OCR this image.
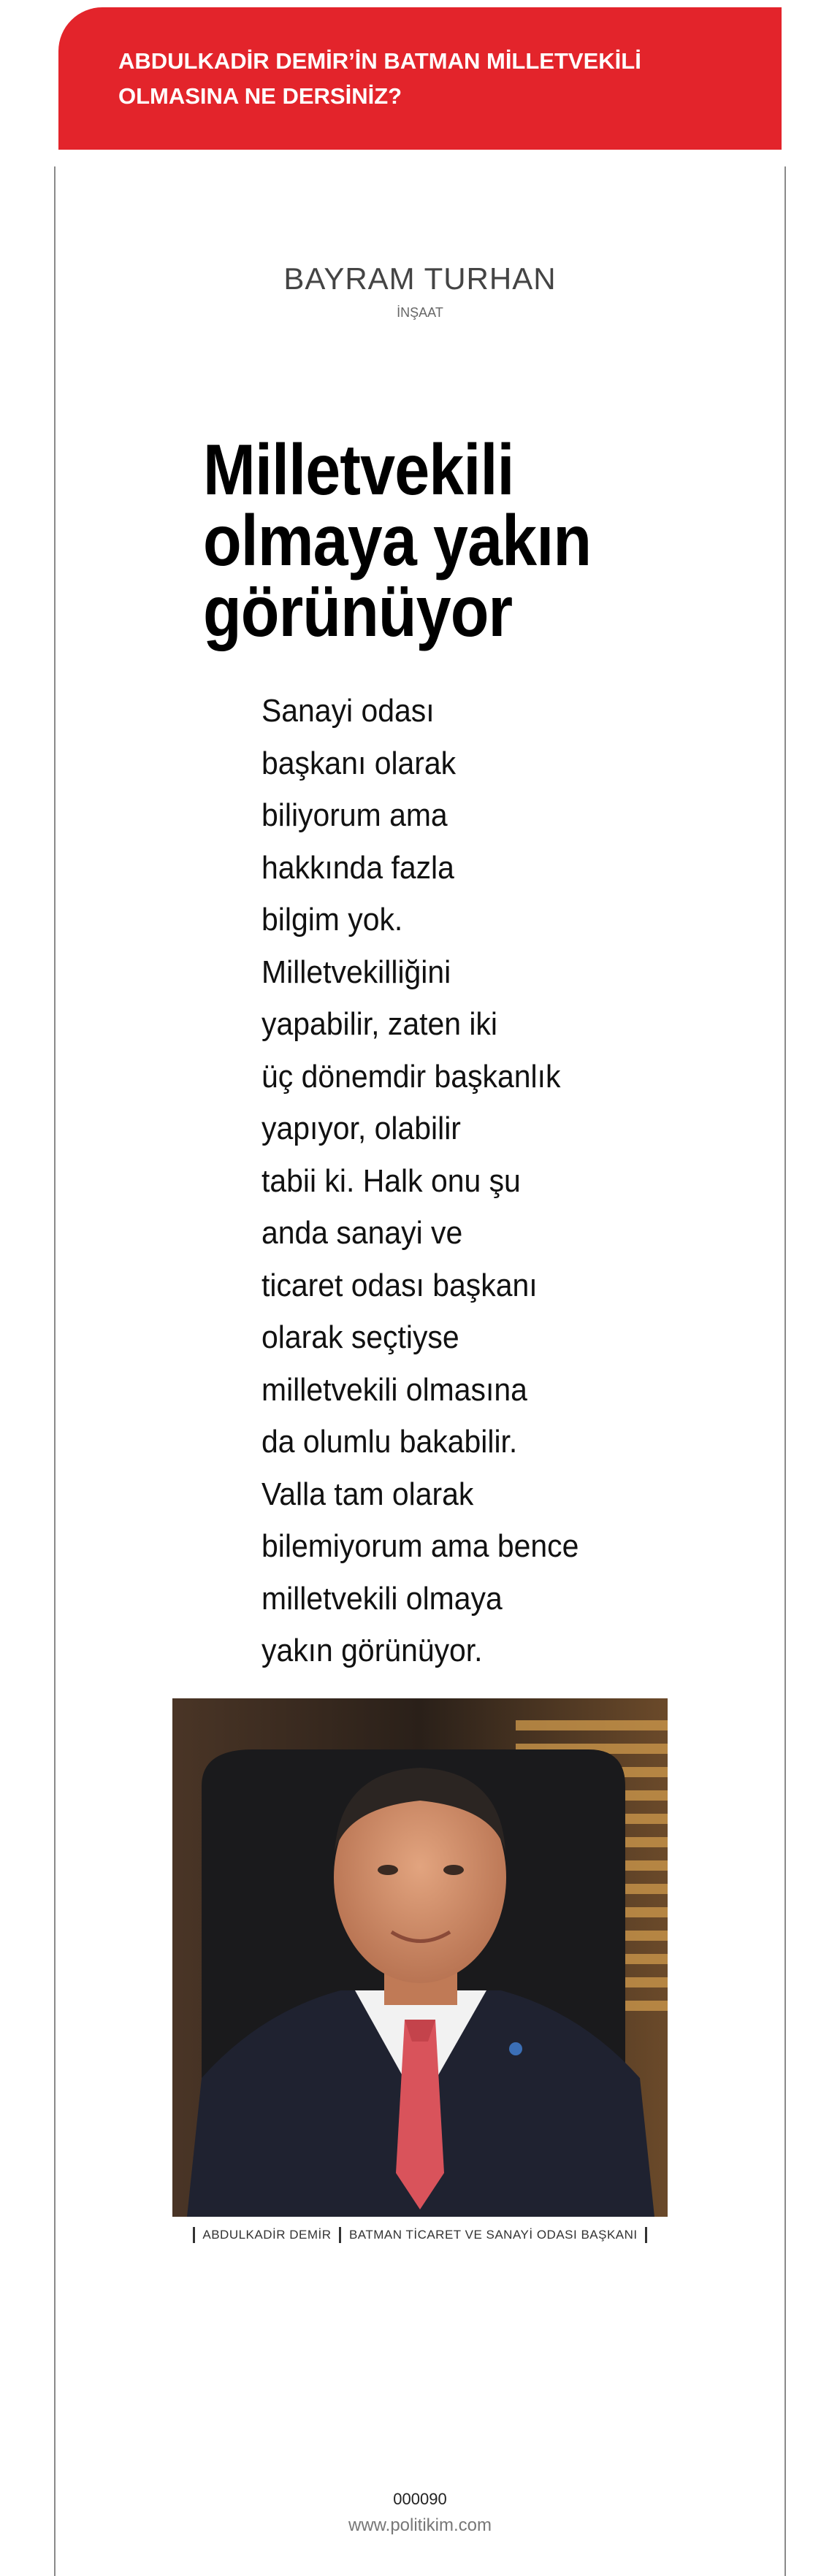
ABDULKADİR DEMİR’İN BATMAN MİLLETVEKİLİ
OLMASINA NE DERSİNİZ?
BAYRAM TURHAN
İNŞAAT
Milletvekili
olmaya yakın
görünüyor
Sanayi odası
başkanı olarak
biliyorum ama
hakkında fazla
bilgim yok.
Milletvekilliğini
yapabilir, zaten iki
üç dönemdir başkanlık
yapıyor, olabilir
tabii ki. Halk onu şu
anda sanayi ve
ticaret odası başkanı
olarak seçtiyse
milletvekili olmasına
da olumlu bakabilir.
Valla tam olarak
bilemiyorum ama bence
milletvekili olmaya
yakın görünüyor.
ABDULKADİR DEMİR BATMAN TİCARET VE SANAYİ ODASI BAŞKANI
000090
www.politikim.com
